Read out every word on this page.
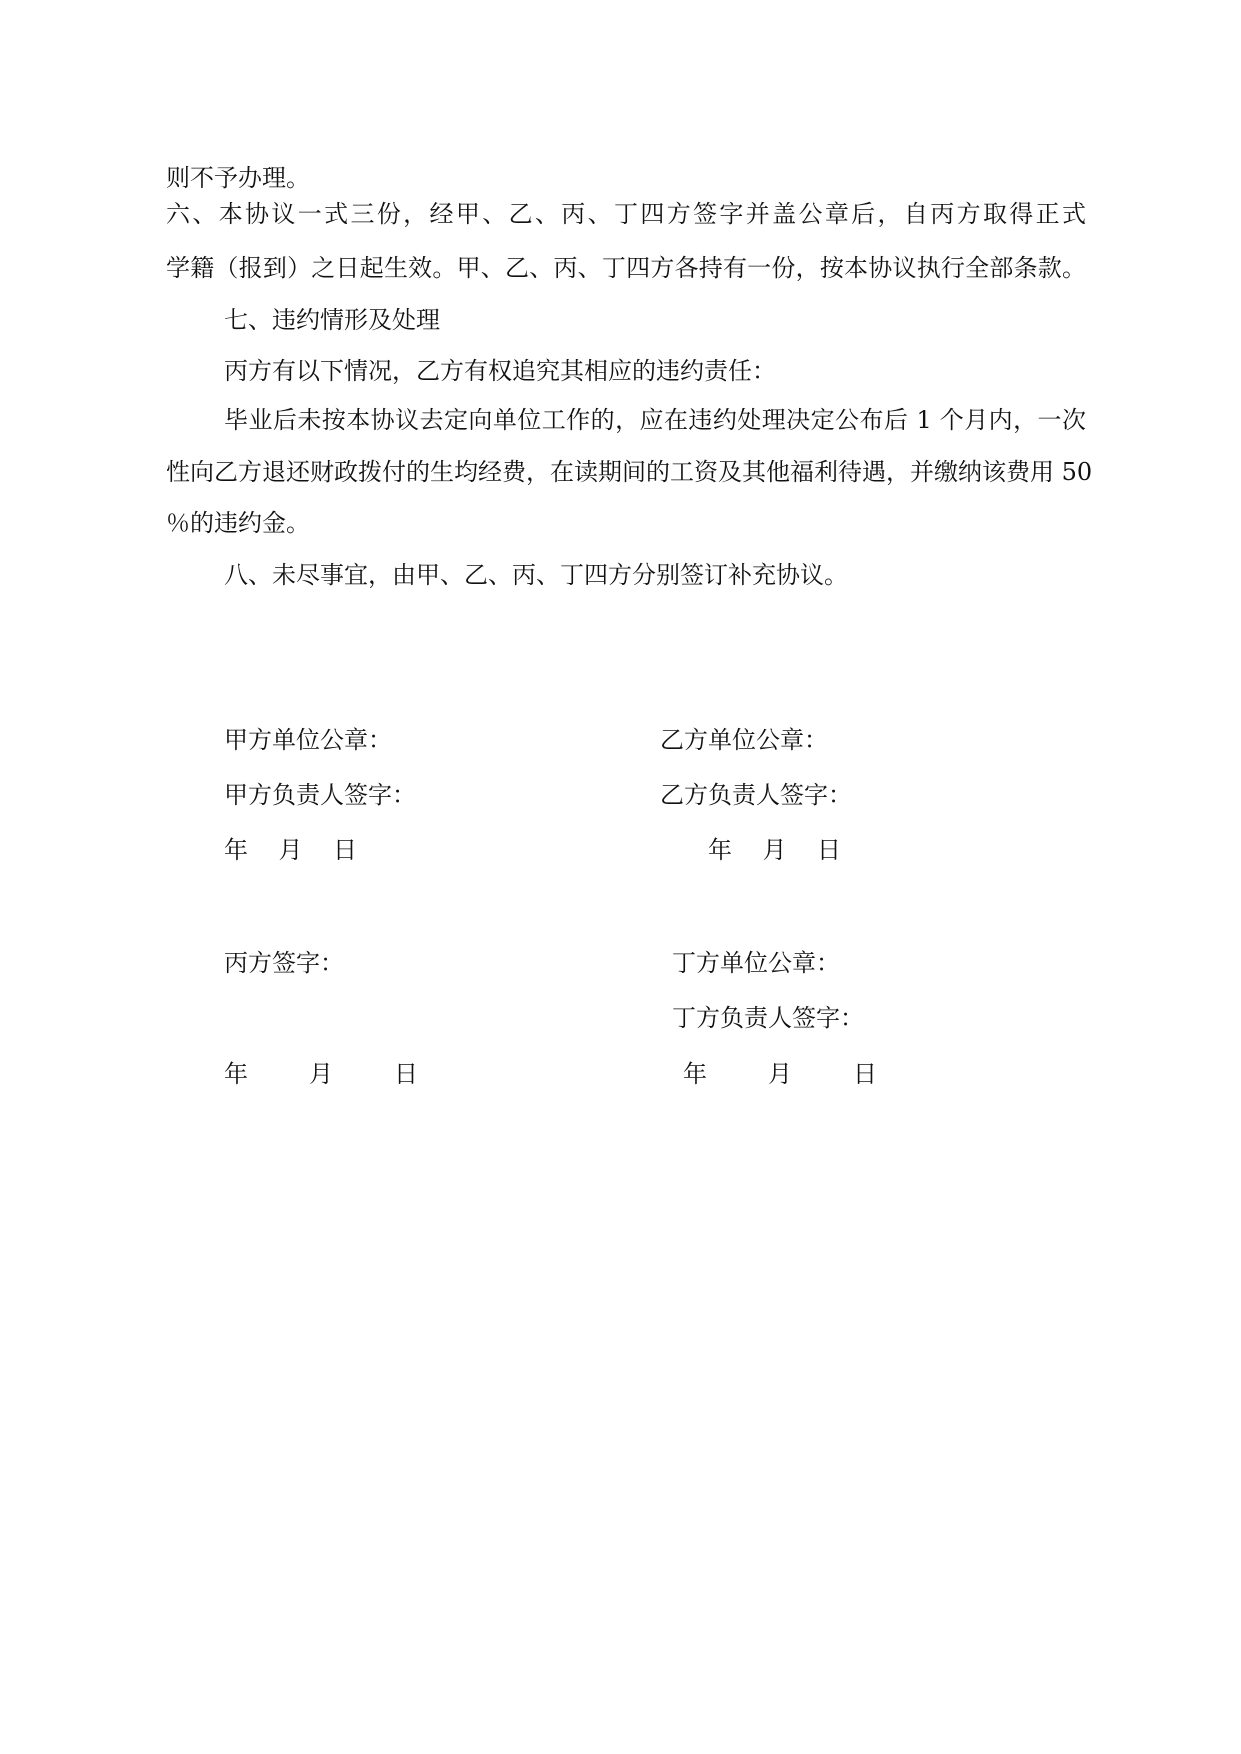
则不予办理。
六、本协议一式三份，经甲、乙、丙、丁四方签字并盖公章后，自丙方取得正式
学籍（报到）之日起生效。甲、乙、丙、丁四方各持有一份，按本协议执行全部条款。
七、违约情形及处理
丙方有以下情况，乙方有权追究其相应的违约责任：
毕业后未按本协议去定向单位工作的，应在违约处理决定公布后 1 个月内，一次
性向乙方退还财政拨付的生均经费，在读期间的工资及其他福利待遇，并缴纳该费用 50
％的违约金。
八、未尽事宜，由甲、乙、丙、丁四方分别签订补充协议。
甲方单位公章：
甲方负责人签字：
年    月    日
乙方单位公章：
乙方负责人签字：
年    月    日
丙方签字：
年        月        日
丁方单位公章：
丁方负责人签字：
年        月        日
